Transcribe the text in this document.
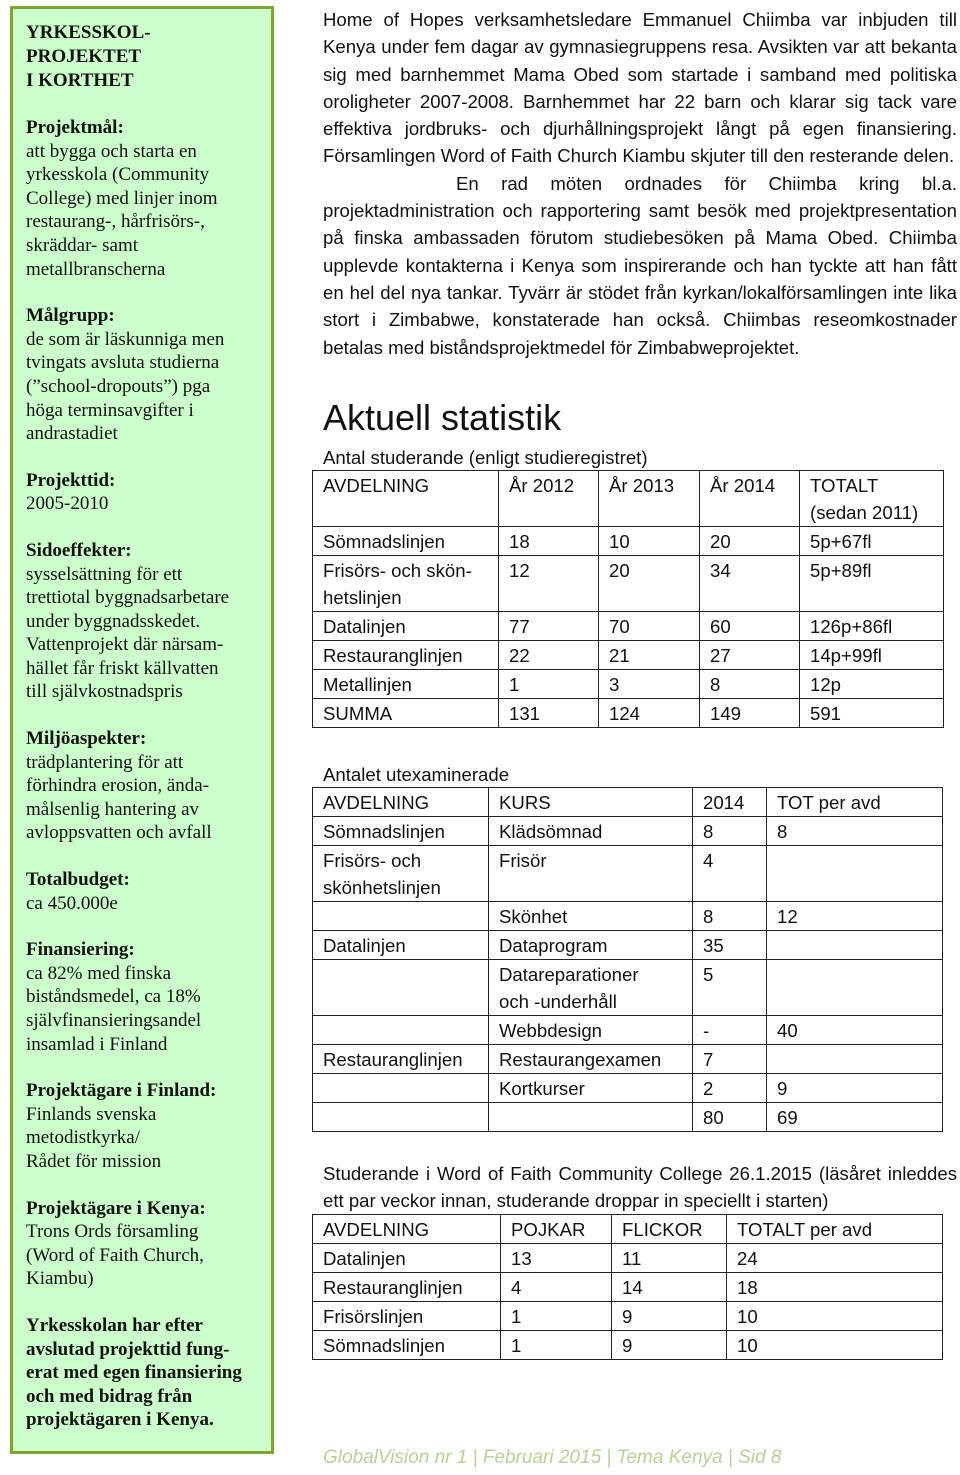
YRKESSKOL-
PROJEKTET
I KORTHET
Projektmål:
att bygga och starta en
yrkesskola (Community
College) med linjer inom
restaurang-, hårfrisörs-,
skräddar- samt
metallbranscherna
Målgrupp:
de som är läskunniga men
tvingats avsluta studierna
(”school-dropouts”) pga
höga terminsavgifter i
andrastadiet
Projekttid:
2005-2010
Sidoeffekter:
sysselsättning för ett
trettiotal byggnadsarbetare
under byggnadsskedet.
Vattenprojekt där närsam-
hället får friskt källvatten
till självkostnadspris
Miljöaspekter:
trädplantering för att
förhindra erosion, ända-
målsenlig hantering av
avloppsvatten och avfall
Totalbudget:
ca 450.000e
Finansiering:
ca 82% med finska
biståndsmedel, ca 18%
självfinansieringsandel
insamlad i Finland
Projektägare i Finland:
Finlands svenska
metodistkyrka/
Rådet för mission
Projektägare i Kenya:
Trons Ords församling
(Word of Faith Church,
Kiambu)
Yrkesskolan har efter
avslutad projekttid fung-
erat med egen finansiering
och med bidrag från
projektägaren i Kenya.

Home of Hopes verksamhetsledare Emmanuel Chiimba var inbjuden till Kenya under fem dagar av gymnasiegruppens resa. Avsikten var att bekanta sig med barnhemmet Mama Obed som startade i samband med politiska oroligheter 2007-2008. Barnhemmet har 22 barn och klarar sig tack vare effektiva jordbruks- och djurhållningsprojekt långt på egen finansiering. Församlingen Word of Faith Church Kiambu skjuter till den resterande delen.

En rad möten ordnades för Chiimba kring bl.a. projektadministration och rapportering samt besök med projektpresentation på finska ambassaden förutom studiebesöken på Mama Obed. Chiimba upplevde kontakterna i Kenya som inspirerande och han tyckte att han fått en hel del nya tankar. Tyvärr är stödet från kyrkan/lokalförsamlingen inte lika stort i Zimbabwe, konstaterade han också. Chiimbas reseomkostnader betalas med biståndsprojektmedel för Zimbabweprojektet.

Aktuell statistik

Antal studerande (enligt studieregistret)

AVDELNING	År 2012	År 2013	År 2014	TOTALT
(sedan 2011)
Sömnadslinjen	18	10	20	5p+67fl
Frisörs- och skön-
hetslinjen	12	20	34	5p+89fl
Datalinjen	77	70	60	126p+86fl
Restauranglinjen	22	21	27	14p+99fl
Metallinjen	1	3	8	12p
SUMMA	131	124	149	591

Antalet utexaminerade

AVDELNING	KURS	2014	TOT per avd
Sömnadslinjen	Klädsömnad	8	8
Frisörs- och
skönhetslinjen	Frisör	4	
	Skönhet	8	12
Datalinjen	Dataprogram	35	
	Datareparationer
och -underhåll	5	
	Webbdesign	-	40
Restauranglinjen	Restaurangexamen	7	
	Kortkurser	2	9
		80	69

Studerande i Word of Faith Community College 26.1.2015 (läsåret inleddes ett par veckor innan, studerande droppar in speciellt i starten)

AVDELNING	POJKAR	FLICKOR	TOTALT per avd
Datalinjen	13	11	24
Restauranglinjen	4	14	18
Frisörslinjen	1	9	10
Sömnadslinjen	1	9	10
GlobalVision nr 1 | Februari 2015 | Tema Kenya | Sid 8
